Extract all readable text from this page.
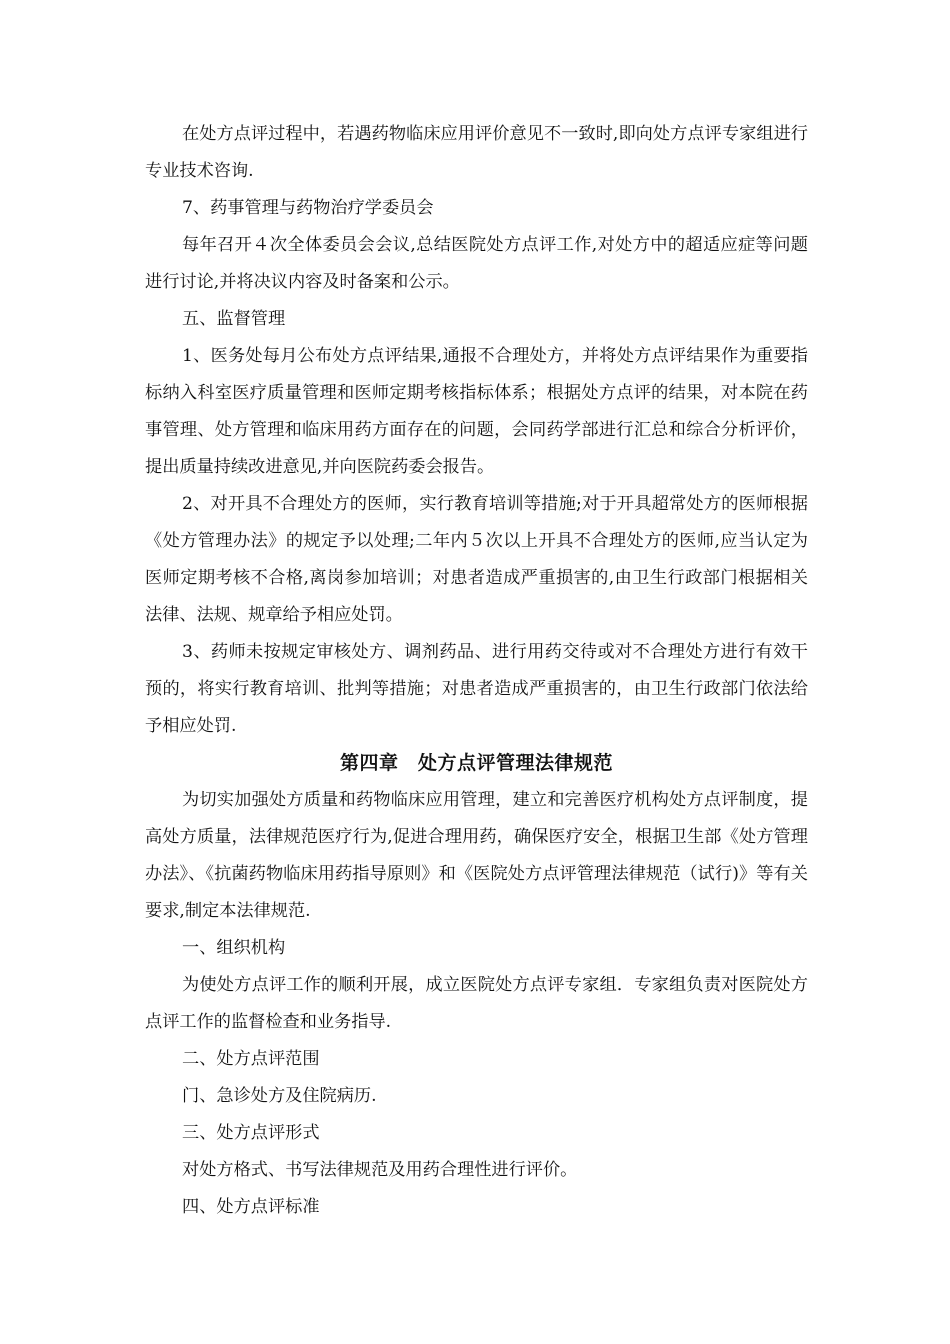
在处方点评过程中，若遇药物临床应用评价意见不一致时,即向处方点评专家组进行专业技术咨询.

7、药事管理与药物治疗学委员会

每年召开４次全体委员会会议,总结医院处方点评工作,对处方中的超适应症等问题进行讨论,并将决议内容及时备案和公示。

五、监督管理

1、医务处每月公布处方点评结果,通报不合理处方，并将处方点评结果作为重要指标纳入科室医疗质量管理和医师定期考核指标体系；根据处方点评的结果，对本院在药事管理、处方管理和临床用药方面存在的问题，会同药学部进行汇总和综合分析评价，提出质量持续改进意见,并向医院药委会报告。

2、对开具不合理处方的医师，实行教育培训等措施;对于开具超常处方的医师根据《处方管理办法》的规定予以处理;二年内５次以上开具不合理处方的医师,应当认定为医师定期考核不合格,离岗参加培训；对患者造成严重损害的,由卫生行政部门根据相关法律、法规、规章给予相应处罚。

3、药师未按规定审核处方、调剂药品、进行用药交待或对不合理处方进行有效干预的，将实行教育培训、批判等措施；对患者造成严重损害的，由卫生行政部门依法给予相应处罚.

第四章　处方点评管理法律规范

为切实加强处方质量和药物临床应用管理，建立和完善医疗机构处方点评制度，提高处方质量，法律规范医疗行为,促进合理用药，确保医疗安全，根据卫生部《处方管理办法》、《抗菌药物临床用药指导原则》和《医院处方点评管理法律规范（试行)》等有关要求,制定本法律规范.

一、组织机构

为使处方点评工作的顺利开展，成立医院处方点评专家组．专家组负责对医院处方点评工作的监督检查和业务指导.

二、处方点评范围

门、急诊处方及住院病历.

三、处方点评形式

对处方格式、书写法律规范及用药合理性进行评价。

四、处方点评标准
